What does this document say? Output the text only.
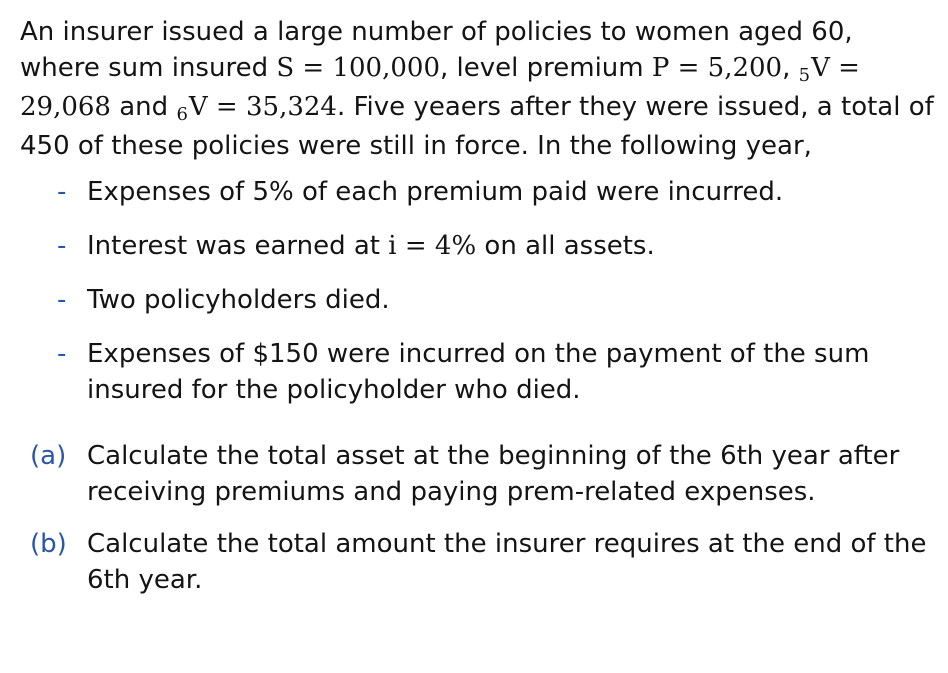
An insurer issued a large number of policies to women aged 60, where sum insured S = 100,000, level premium P = 5,200, 5V = 29,068 and 6V = 35,324. Five yeaers after they were issued, a total of 450 of these policies were still in force. In the following year,

- Expenses of 5% of each premium paid were incurred.
- Interest was earned at i = 4% on all assets.
- Two policyholders died.
- Expenses of $150 were incurred on the payment of the sum insured for the policyholder who died.
(a) Calculate the total asset at the beginning of the 6th year after receiving premiums and paying prem-related expenses.
(b) Calculate the total amount the insurer requires at the end of the 6th year.
